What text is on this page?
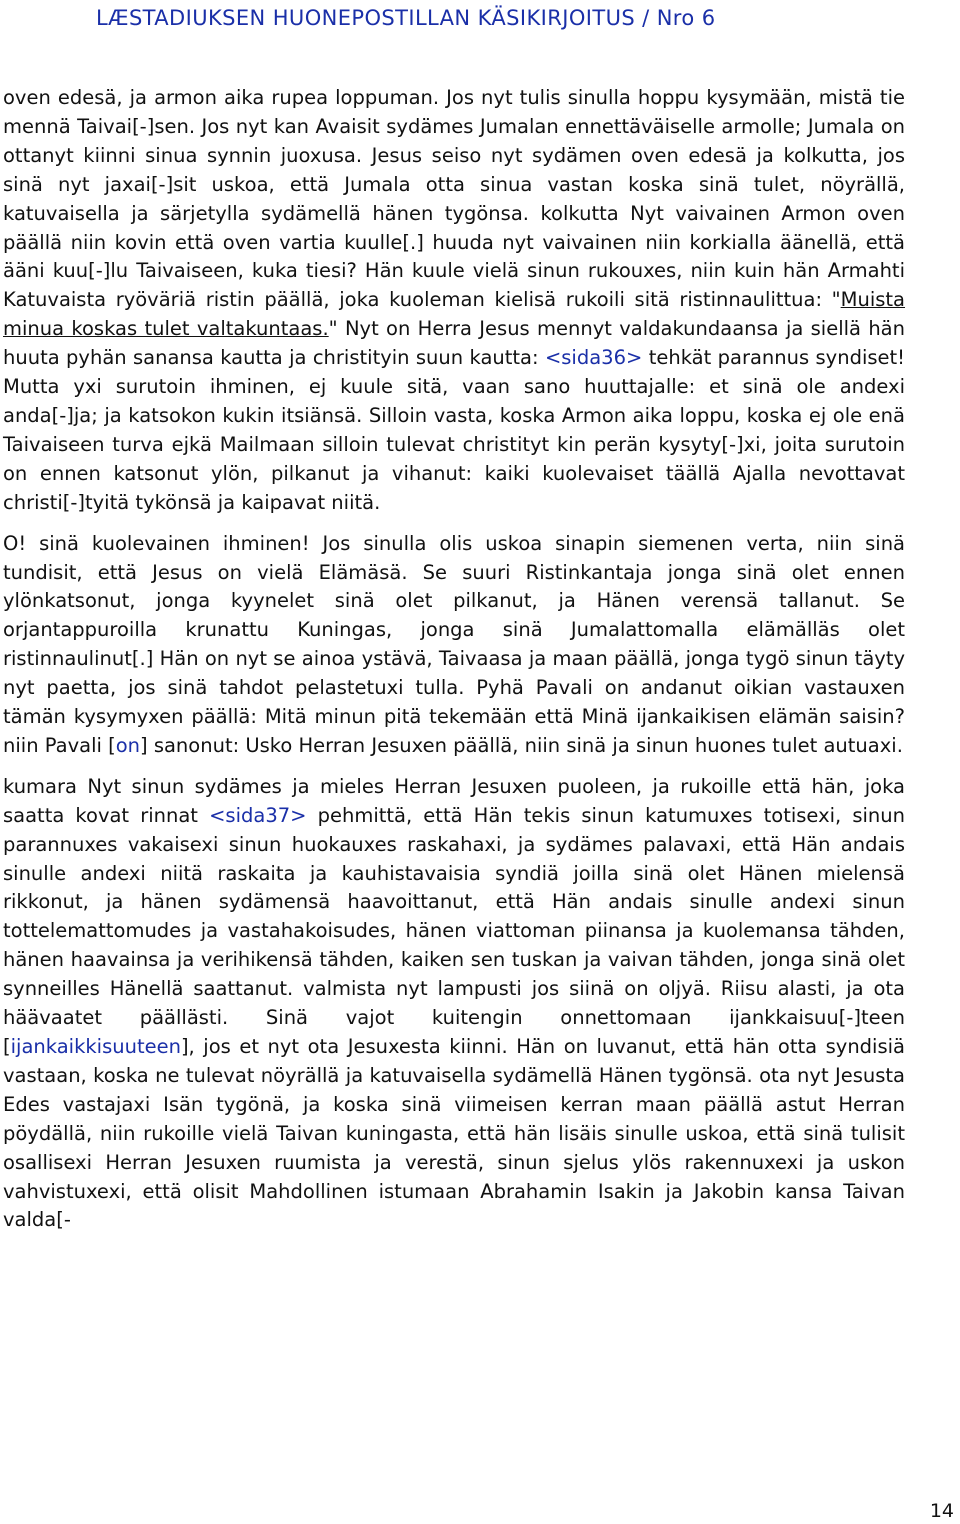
LÆSTADIUKSEN HUONEPOSTILLAN KÄSIKIRJOITUS / Nro 6

oven edesä, ja armon aika rupea loppuman. Jos nyt tulis sinulla hoppu kysymään, mistä tie mennä Taivai[-]sen. Jos nyt kan Avaisit sydämes Jumalan ennettäväiselle armolle; Jumala on ottanyt kiinni sinua synnin juoxusa. Jesus seiso nyt sydämen oven edesä ja kolkutta, jos sinä nyt jaxai[-]sit uskoa, että Jumala otta sinua vastan koska sinä tulet, nöyrällä, katuvaisella ja särjetylla sydämellä hänen tygönsa. kolkutta Nyt vaivainen Armon oven päällä niin kovin että oven vartia kuulle[.] huuda nyt vaivainen niin korkialla äänellä, että ääni kuu[-]lu Taivaiseen, kuka tiesi? Hän kuule vielä sinun rukouxes, niin kuin hän Armahti Katuvaista ryöväriä ristin päällä, joka kuoleman kielisä rukoili sitä ristinnaulittua: "Muista minua koskas tulet valtakuntaas." Nyt on Herra Jesus mennyt valdakundaansa ja siellä hän huuta pyhän sanansa kautta ja christityin suun kautta: <sida36> tehkät parannus syndiset! Mutta yxi surutoin ihminen, ej kuule sitä, vaan sano huuttajalle: et sinä ole andexi anda[-]ja; ja katsokon kukin itsiänsä. Silloin vasta, koska Armon aika loppu, koska ej ole enä Taivaiseen turva ejkä Mailmaan silloin tulevat christityt kin perän kysyty[-]xi, joita surutoin on ennen katsonut ylön, pilkanut ja vihanut: kaiki kuolevaiset täällä Ajalla nevottavat christi[-]tyitä tykönsä ja kaipavat niitä.

O! sinä kuolevainen ihminen! Jos sinulla olis uskoa sinapin siemenen verta, niin sinä tundisit, että Jesus on vielä Elämäsä. Se suuri Ristinkantaja jonga sinä olet ennen ylönkatsonut, jonga kyynelet sinä olet pilkanut, ja Hänen verensä tallanut. Se orjantappuroilla krunattu Kuningas, jonga sinä Jumalattomalla elämälläs olet ristinnaulinut[.] Hän on nyt se ainoa ystävä, Taivaasa ja maan päällä, jonga tygö sinun täyty nyt paetta, jos sinä tahdot pelastetuxi tulla. Pyhä Pavali on andanut oikian vastauxen tämän kysymyxen päällä: Mitä minun pitä tekemään että Minä ijankaikisen elämän saisin? niin Pavali [on] sanonut: Usko Herran Jesuxen päällä, niin sinä ja sinun huones tulet autuaxi.

kumara Nyt sinun sydämes ja mieles Herran Jesuxen puoleen, ja rukoille että hän, joka saatta kovat rinnat <sida37> pehmittä, että Hän tekis sinun katumuxes totisexi, sinun parannuxes vakaisexi sinun huokauxes raskahaxi, ja sydämes palavaxi, että Hän andais sinulle andexi niitä raskaita ja kauhistavaisia syndiä joilla sinä olet Hänen mielensä rikkonut, ja hänen sydämensä haavoittanut, että Hän andais sinulle andexi sinun tottelemattomudes ja vastahakoisudes, hänen viattoman piinansa ja kuolemansa tähden, hänen haavainsa ja verihikensä tähden, kaiken sen tuskan ja vaivan tähden, jonga sinä olet synneilles Hänellä saattanut. valmista nyt lampusti jos siinä on oljyä. Riisu alasti, ja ota häävaatet päällästi. Sinä vajot kuitengin onnettomaan ijankkaisuu[-]teen [ijankaikkisuuteen], jos et nyt ota Jesuxesta kiinni. Hän on luvanut, että hän otta syndisiä vastaan, koska ne tulevat nöyrällä ja katuvaisella sydämellä Hänen tygönsä. ota nyt Jesusta Edes vastajaxi Isän tygönä, ja koska sinä viimeisen kerran maan päällä astut Herran pöydällä, niin rukoille vielä Taivan kuningasta, että hän lisäis sinulle uskoa, että sinä tulisit osallisexi Herran Jesuxen ruumista ja verestä, sinun sjelus ylös rakennuxexi ja uskon vahvistuxexi, että olisit Mahdollinen istumaan Abrahamin Isakin ja Jakobin kansa Taivan valda[-

14
